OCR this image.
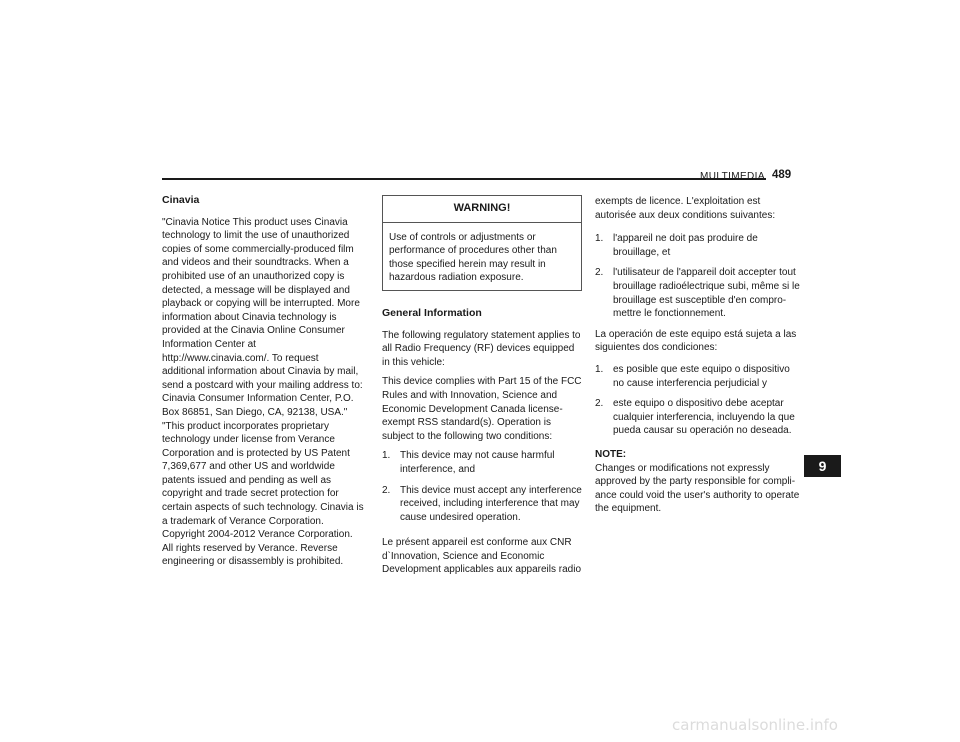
MULTIMEDIA 489
Cinavia

"Cinavia Notice This product uses Cinavia technology to limit the use of unauthorized copies of some commercially-produced film and videos and their soundtracks. When a prohibited use of an unauthorized copy is detected, a message will be displayed and playback or copying will be interrupted. More information about Cinavia technology is provided at the Cinavia Online Consumer Information Center at http://www.cinavia.com/. To request additional information about Cinavia by mail, send a postcard with your mailing address to: Cinavia Consumer Information Center, P.O. Box 86851, San Diego, CA, 92138, USA." "This product incorporates proprietary technology under license from Verance Corporation and is protected by US Patent 7,369,677 and other US and worldwide patents issued and pending as well as copyright and trade secret protection for certain aspects of such technology. Cinavia is a trademark of Verance Corporation. Copyright 2004-2012 Verance Corporation. All rights reserved by Verance. Reverse engineering or disassembly is prohibited.

WARNING!
Use of controls or adjustments or performance of procedures other than those specified herein may result in hazardous radiation exposure.
General Information

The following regulatory statement applies to all Radio Frequency (RF) devices equipped in this vehicle:

This device complies with Part 15 of the FCC Rules and with Innovation, Science and Economic Development Canada license-exempt RSS standard(s). Operation is subject to the following two conditions:

1. This device may not cause harmful interference, and
2. This device must accept any interference received, including interference that may cause undesired operation.

Le présent appareil est conforme aux CNR d`Innovation, Science and Economic Development applicables aux appareils radio

exempts de licence. L'exploitation est autorisée aux deux conditions suivantes:

1. l'appareil ne doit pas produire de brouillage, et
2. l'utilisateur de l'appareil doit accepter tout brouillage radioélectrique subi, même si le brouillage est susceptible d'en compro-mettre le fonctionnement.

La operación de este equipo está sujeta a las siguientes dos condiciones:

1. es posible que este equipo o dispositivo no cause interferencia perjudicial y
2. este equipo o dispositivo debe aceptar cualquier interferencia, incluyendo la que pueda causar su operación no deseada.
NOTE:

Changes or modifications not expressly approved by the party responsible for compli-ance could void the user's authority to operate the equipment.

9
carmanualsonline.info
